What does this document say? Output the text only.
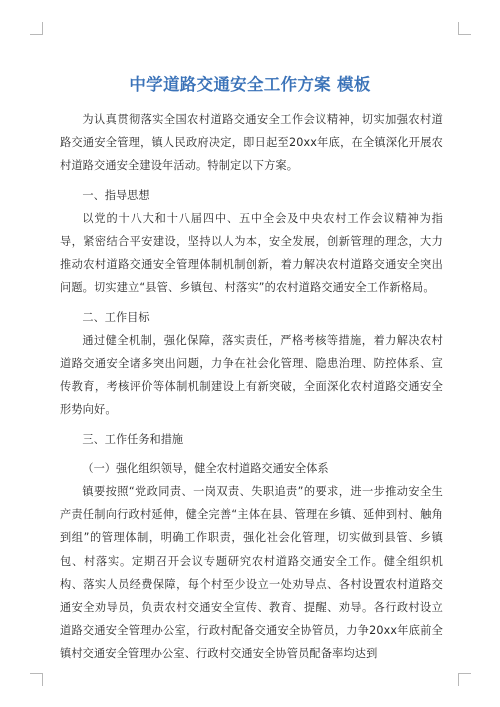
中学道路交通安全工作方案 模板

为认真贯彻落实全国农村道路交通安全工作会议精神，切实加强农村道路交通安全管理，镇人民政府决定，即日起至20xx年底，在全镇深化开展农村道路交通安全建设年活动。特制定以下方案。

一、指导思想

以党的十八大和十八届四中、五中全会及中央农村工作会议精神为指导，紧密结合平安建设，坚持以人为本，安全发展，创新管理的理念，大力推动农村道路交通安全管理体制机制创新，着力解决农村道路交通安全突出问题。切实建立“县管、乡镇包、村落实”的农村道路交通安全工作新格局。

二、工作目标

通过健全机制，强化保障，落实责任，严格考核等措施，着力解决农村道路交通安全诸多突出问题，力争在社会化管理、隐患治理、防控体系、宣传教育，考核评价等体制机制建设上有新突破，全面深化农村道路交通安全形势向好。

三、工作任务和措施

（一）强化组织领导，健全农村道路交通安全体系

镇要按照“党政同责、一岗双责、失职追责”的要求，进一步推动安全生产责任制向行政村延伸，健全完善“主体在县、管理在乡镇、延伸到村、触角到组”的管理体制，明确工作职责，强化社会化管理，切实做到县管、乡镇包、村落实。定期召开会议专题研究农村道路交通安全工作。健全组织机构、落实人员经费保障，每个村至少设立一处劝导点、各村设置农村道路交通安全劝导员，负责农村交通安全宣传、教育、提醒、劝导。各行政村设立道路交通安全管理办公室，行政村配备交通安全协管员，力争20xx年底前全镇村交通安全管理办公室、行政村交通安全协管员配备率均达到
